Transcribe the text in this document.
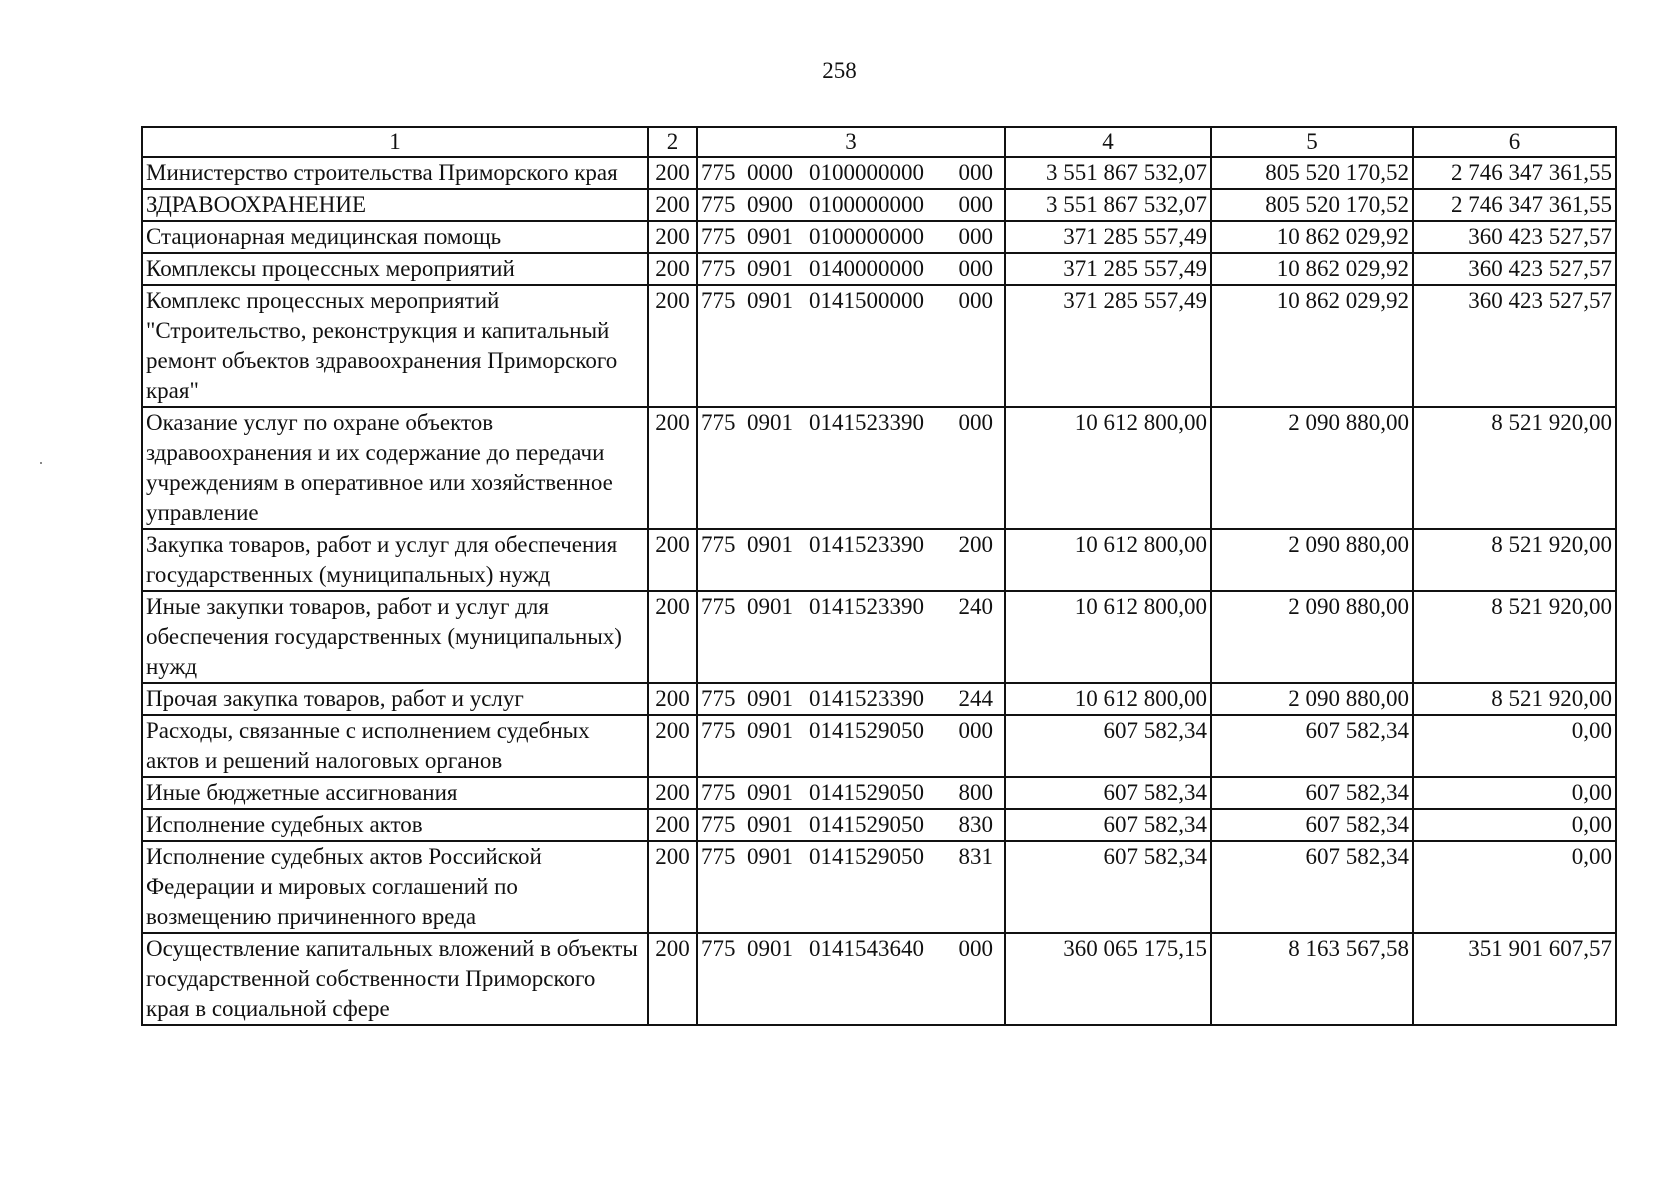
258
1	2	3	4	5	6
Министерство строительства Приморского края	200	775 0000 0100000000 000	3 551 867 532,07	805 520 170,52	2 746 347 361,55
ЗДРАВООХРАНЕНИЕ	200	775 0900 0100000000 000	3 551 867 532,07	805 520 170,52	2 746 347 361,55
Стационарная медицинская помощь	200	775 0901 0100000000 000	371 285 557,49	10 862 029,92	360 423 527,57
Комплексы процессных мероприятий	200	775 0901 0140000000 000	371 285 557,49	10 862 029,92	360 423 527,57
Комплекс процессных мероприятий "Строительство, реконструкция и капитальный ремонт объектов здравоохранения Приморского края"	200	775 0901 0141500000 000	371 285 557,49	10 862 029,92	360 423 527,57
Оказание услуг по охране объектов здравоохранения и их содержание до передачи учреждениям в оперативное или хозяйственное управление	200	775 0901 0141523390 000	10 612 800,00	2 090 880,00	8 521 920,00
Закупка товаров, работ и услуг для обеспечения государственных (муниципальных) нужд	200	775 0901 0141523390 200	10 612 800,00	2 090 880,00	8 521 920,00
Иные закупки товаров, работ и услуг для обеспечения государственных (муниципальных) нужд	200	775 0901 0141523390 240	10 612 800,00	2 090 880,00	8 521 920,00
Прочая закупка товаров, работ и услуг	200	775 0901 0141523390 244	10 612 800,00	2 090 880,00	8 521 920,00
Расходы, связанные с исполнением судебных актов и решений налоговых органов	200	775 0901 0141529050 000	607 582,34	607 582,34	0,00
Иные бюджетные ассигнования	200	775 0901 0141529050 800	607 582,34	607 582,34	0,00
Исполнение судебных актов	200	775 0901 0141529050 830	607 582,34	607 582,34	0,00
Исполнение судебных актов Российской Федерации и мировых соглашений по возмещению причиненного вреда	200	775 0901 0141529050 831	607 582,34	607 582,34	0,00
Осуществление капитальных вложений в объекты государственной собственности Приморского края в социальной сфере	200	775 0901 0141543640 000	360 065 175,15	8 163 567,58	351 901 607,57
